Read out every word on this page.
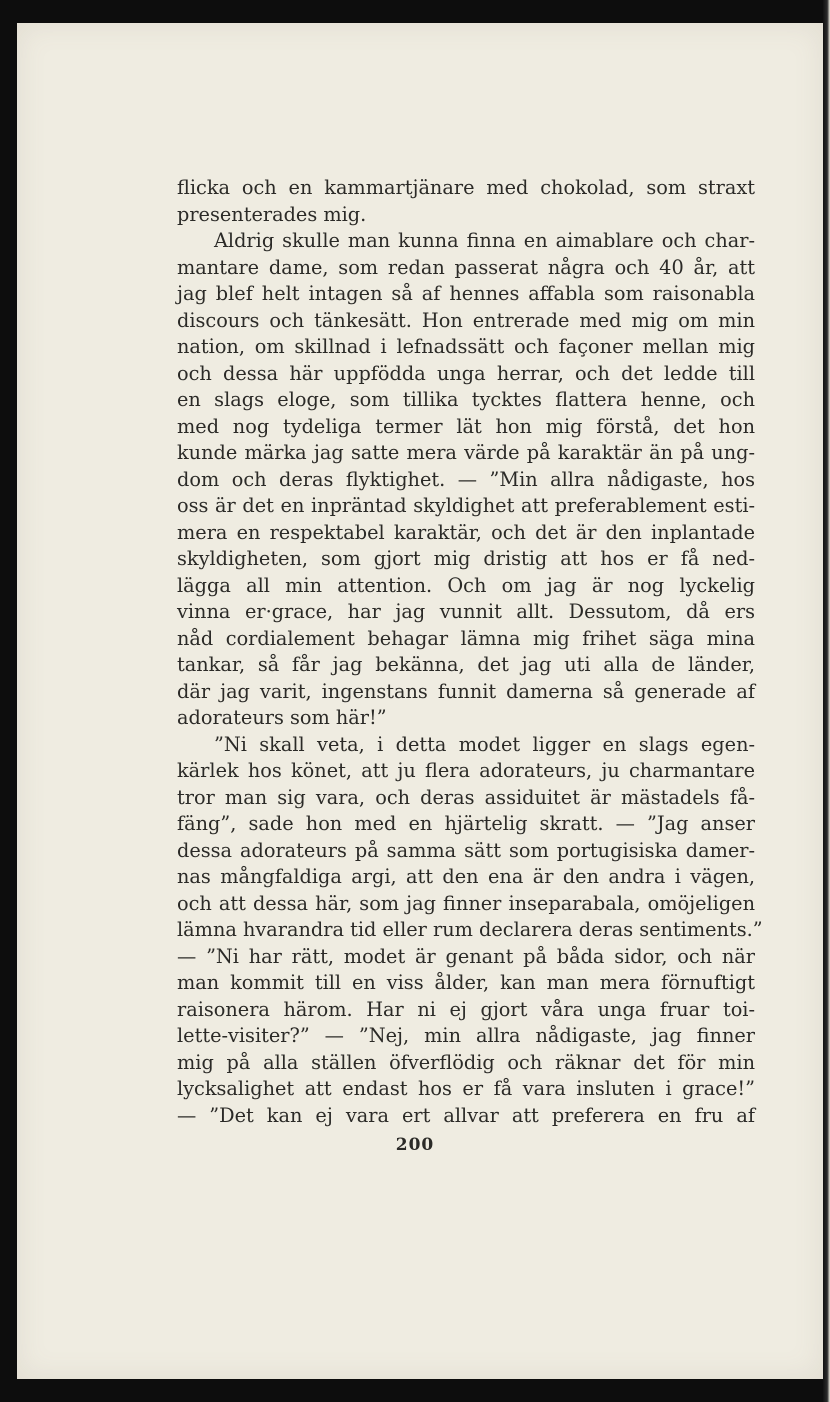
flicka och en kammartjänare med chokolad, som straxt
presenterades mig.
Aldrig skulle man kunna finna en aimablare och char-
mantare dame, som redan passerat några och 40 år, att
jag blef helt intagen så af hennes affabla som raisonabla
discours och tänkesätt. Hon entrerade med mig om min
nation, om skillnad i lefnadssätt och façoner mellan mig
och dessa här uppfödda unga herrar, och det ledde till
en slags eloge, som tillika tycktes flattera henne, och
med nog tydeliga termer lät hon mig förstå, det hon
kunde märka jag satte mera värde på karaktär än på ung-
dom och deras flyktighet. — ”Min allra nådigaste, hos
oss är det en inpräntad skyldighet att preferablement esti-
mera en respektabel karaktär, och det är den inplantade
skyldigheten, som gjort mig dristig att hos er få ned-
lägga all min attention. Och om jag är nog lyckelig
vinna er·grace, har jag vunnit allt. Dessutom, då ers
nåd cordialement behagar lämna mig frihet säga mina
tankar, så får jag bekänna, det jag uti alla de länder,
där jag varit, ingenstans funnit damerna så generade af
adorateurs som här!”
”Ni skall veta, i detta modet ligger en slags egen-
kärlek hos könet, att ju flera adorateurs, ju charmantare
tror man sig vara, och deras assiduitet är mästadels få-
fäng”, sade hon med en hjärtelig skratt. — ”Jag anser
dessa adorateurs på samma sätt som portugisiska damer-
nas mångfaldiga argi, att den ena är den andra i vägen,
och att dessa här, som jag finner inseparabala, omöjeligen
lämna hvarandra tid eller rum declarera deras sentiments.”
— ”Ni har rätt, modet är genant på båda sidor, och när
man kommit till en viss ålder, kan man mera förnuftigt
raisonera härom. Har ni ej gjort våra unga fruar toi-
lette-visiter?” — ”Nej, min allra nådigaste, jag finner
mig på alla ställen öfverflödig och räknar det för min
lycksalighet att endast hos er få vara insluten i grace!”
— ”Det kan ej vara ert allvar att preferera en fru af
200
